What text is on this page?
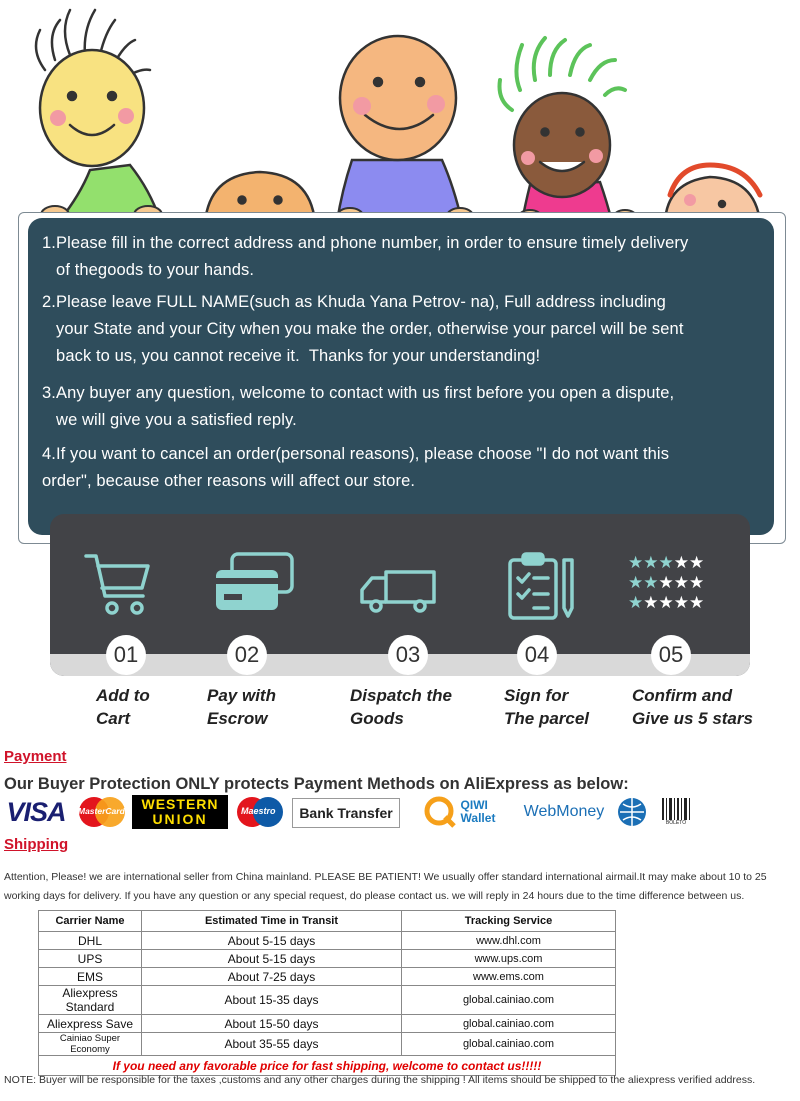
1.Please fill in the correct address and phone number, in order to ensure timely delivery
of thegoods to your hands.

2.Please leave FULL NAME(such as Khuda Yana Petrov- na), Full address including
your State and your City when you make the order, otherwise your parcel will be sent
back to us, you cannot receive it.  Thanks for your understanding!

3.Any buyer any question, welcome to contact with us first before you open a dispute,
we will give you a satisfied reply.

4.If you want to cancel an order(personal reasons), please choose "I do not want this
order", because other reasons will affect our store.

★★★★★
★★★★★
★★★★★
01	02	03	04	05
Add to
Cart
Pay with
Escrow
Dispatch the
Goods
Sign for
The parcel
Confirm and
Give us 5 stars
Payment
Our Buyer Protection ONLY protects Payment Methods on AliExpress as below:
VISA MasterCard WESTERN
UNION	Maestro Bank Transfer	QIWI
Wallet WebMoney
BOLETO
Shipping

Attention, Please! we are international seller from China mainland. PLEASE BE PATIENT! We usually offer standard international airmail.It may make about 10 to 25 working days for delivery. If you have any question or any special request, do please contact us. we will reply in 24 hours due to the time difference between us.

Carrier Name	Estimated Time in Transit	Tracking Service
DHL	About 5-15 days	www.dhl.com
UPS	About 5-15 days	www.ups.com
EMS	About 7-25 days	www.ems.com
Aliexpress Standard	About 15-35 days	global.cainiao.com
Aliexpress Save	About 15-50 days	global.cainiao.com
Cainiao Super Economy	About 35-55 days	global.cainiao.com
If you need any favorable price for fast shipping, welcome to contact us!!!!!		
NOTE: Buyer will be responsible for the taxes ,customs and any other charges during the shipping ! All items should be shipped to the aliexpress verified address.
